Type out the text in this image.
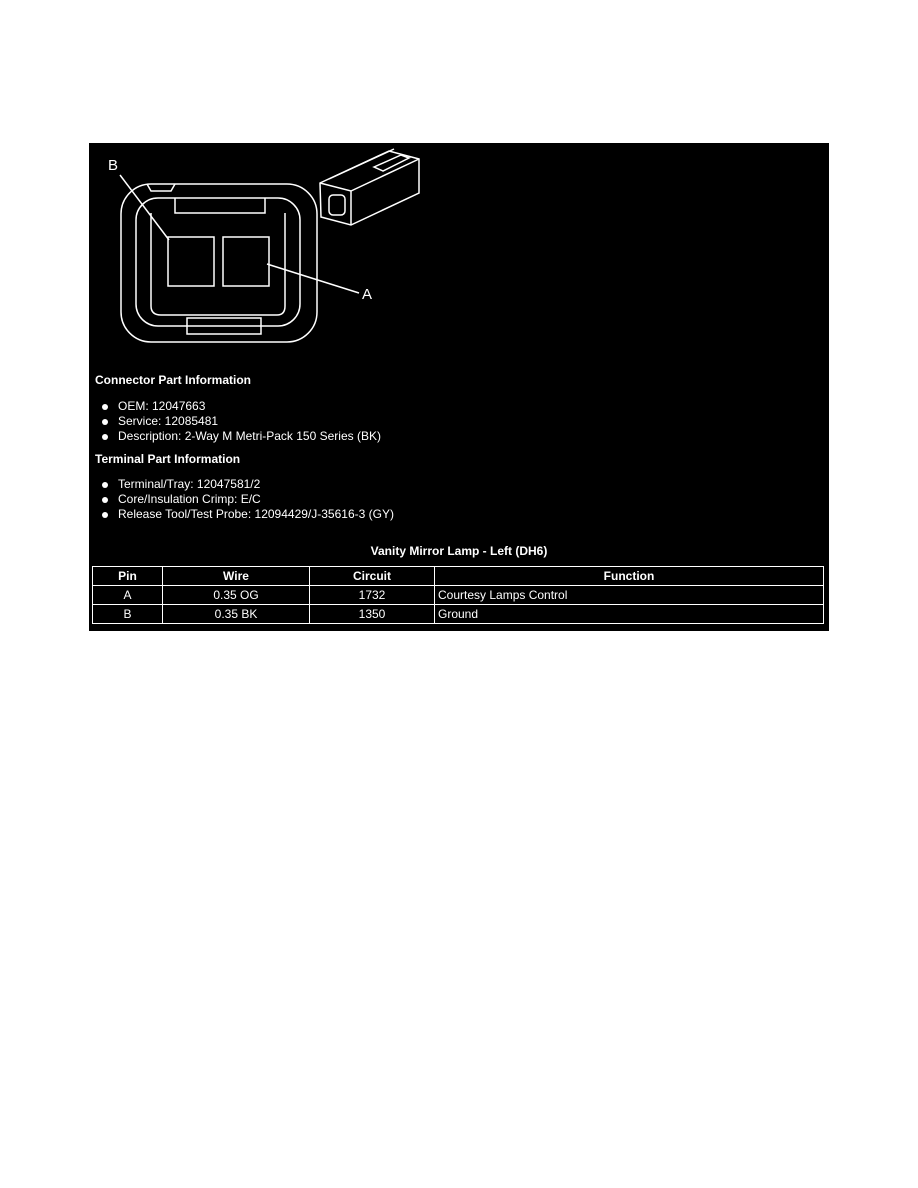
B
A
Connector Part Information
OEM: 12047663
Service: 12085481
Description: 2-Way M Metri-Pack 150 Series (BK)
Terminal Part Information
Terminal/Tray: 12047581/2
Core/Insulation Crimp: E/C
Release Tool/Test Probe: 12094429/J-35616-3 (GY)
Vanity Mirror Lamp - Left (DH6)
Pin	Wire	Circuit	Function
A	0.35 OG	1732	Courtesy Lamps Control
B	0.35 BK	1350	Ground
